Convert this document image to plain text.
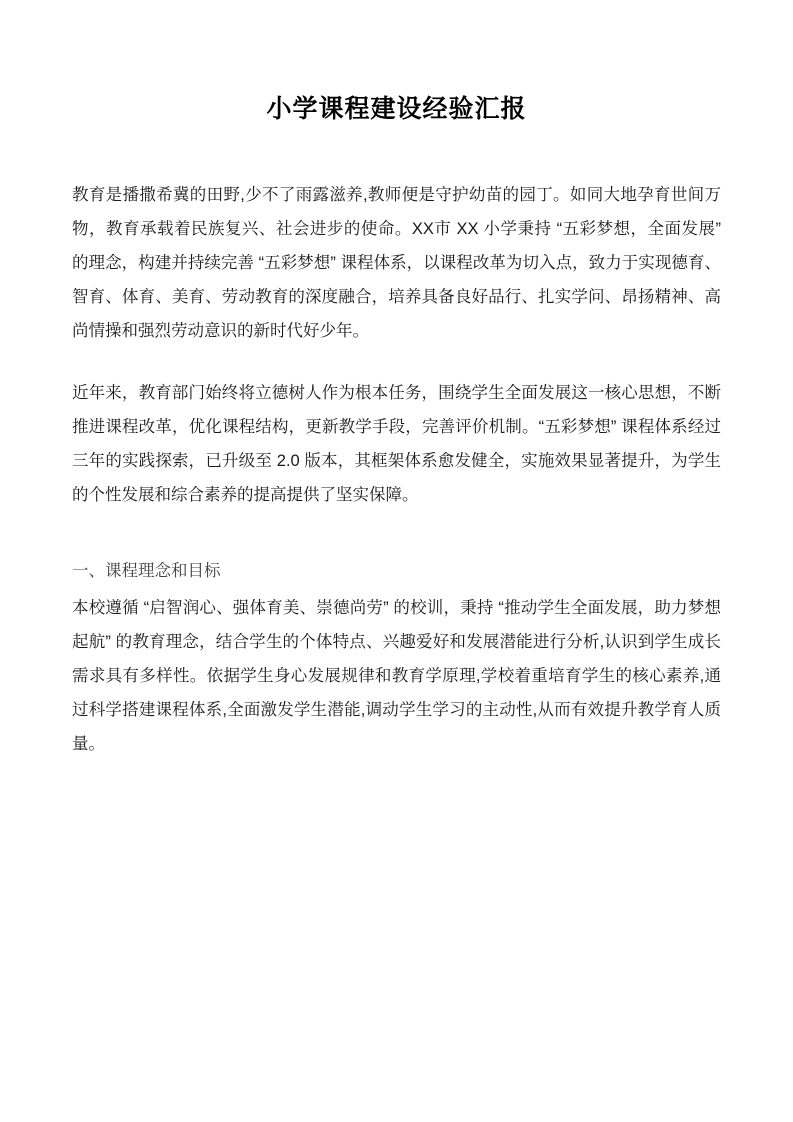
小学课程建设经验汇报

教育是播撒希冀的田野,少不了雨露滋养,教师便是守护幼苗的园丁。如同大地孕育世间万物，教育承载着民族复兴、社会进步的使命。XX市 XX 小学秉持 “五彩梦想，全面发展” 的理念，构建并持续完善 “五彩梦想” 课程体系，以课程改革为切入点，致力于实现德育、智育、体育、美育、劳动教育的深度融合，培养具备良好品行、扎实学问、昂扬精神、高尚情操和强烈劳动意识的新时代好少年。

近年来，教育部门始终将立德树人作为根本任务，围绕学生全面发展这一核心思想，不断推进课程改革，优化课程结构，更新教学手段，完善评价机制。“五彩梦想” 课程体系经过三年的实践探索，已升级至 2.0 版本，其框架体系愈发健全，实施效果显著提升，为学生的个性发展和综合素养的提高提供了坚实保障。

一、课程理念和目标

本校遵循 “启智润心、强体育美、崇德尚劳” 的校训，秉持 “推动学生全面发展，助力梦想起航” 的教育理念，结合学生的个体特点、兴趣爱好和发展潜能进行分析,认识到学生成长需求具有多样性。依据学生身心发展规律和教育学原理,学校着重培育学生的核心素养,通过科学搭建课程体系,全面激发学生潜能,调动学生学习的主动性,从而有效提升教学育人质量。
